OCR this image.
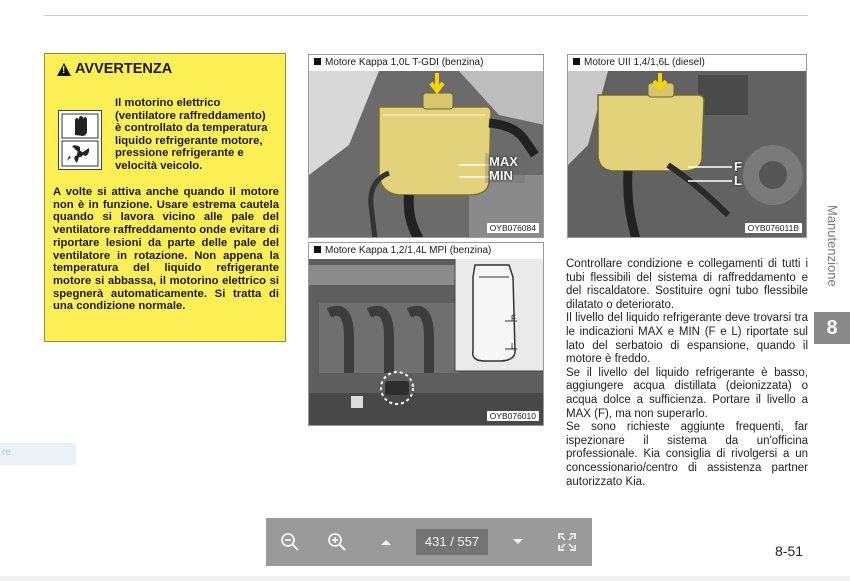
re
! AVVERTENZA
Il motorino elettrico (ventilatore raffreddamento) è controllato da temperatura liquido refrigerante motore, pressione refrigerante e velocità veicolo.
A volte si attiva anche quando il motore non è in funzione. Usare estrema cautela quando si lavora vicino alle pale del ventilatore raffreddamento onde evitare di riportare lesioni da parte delle pale del ventilatore in rotazione. Non appena la temperatura del liquido refrigerante motore si abbassa, il motorino elettrico si spegnerà automaticamente. Si tratta di una condizione normale.
Motore Kappa 1,0L T-GDI (benzina)
MAX
MIN
OYB076084
Motore Kappa 1,2/1,4L MPI (benzina)
F
L
OYB076010
Motore UII 1,4/1,6L (diesel)
F
L
OYB076011B

Controllare condizione e collegamenti di tutti i tubi flessibili del sistema di raffreddamento e del riscaldatore. Sostituire ogni tubo flessibile dilatato o deteriorato.

Il livello del liquido refrigerante deve trovarsi tra le indicazioni MAX e MIN (F e L) riportate sul lato del serbatoio di espansione, quando il motore è freddo.

Se il livello del liquido refrigerante è basso, aggiungere acqua distillata (deionizzata) o acqua dolce a sufficienza. Portare il livello a MAX (F), ma non superarlo.

Se sono richieste aggiunte frequenti, far ispezionare il sistema da un'officina professionale. Kia consiglia di rivolgersi a un concessionario/centro di assistenza partner autorizzato Kia.

Manutenzione
8
8-51
431 / 557
